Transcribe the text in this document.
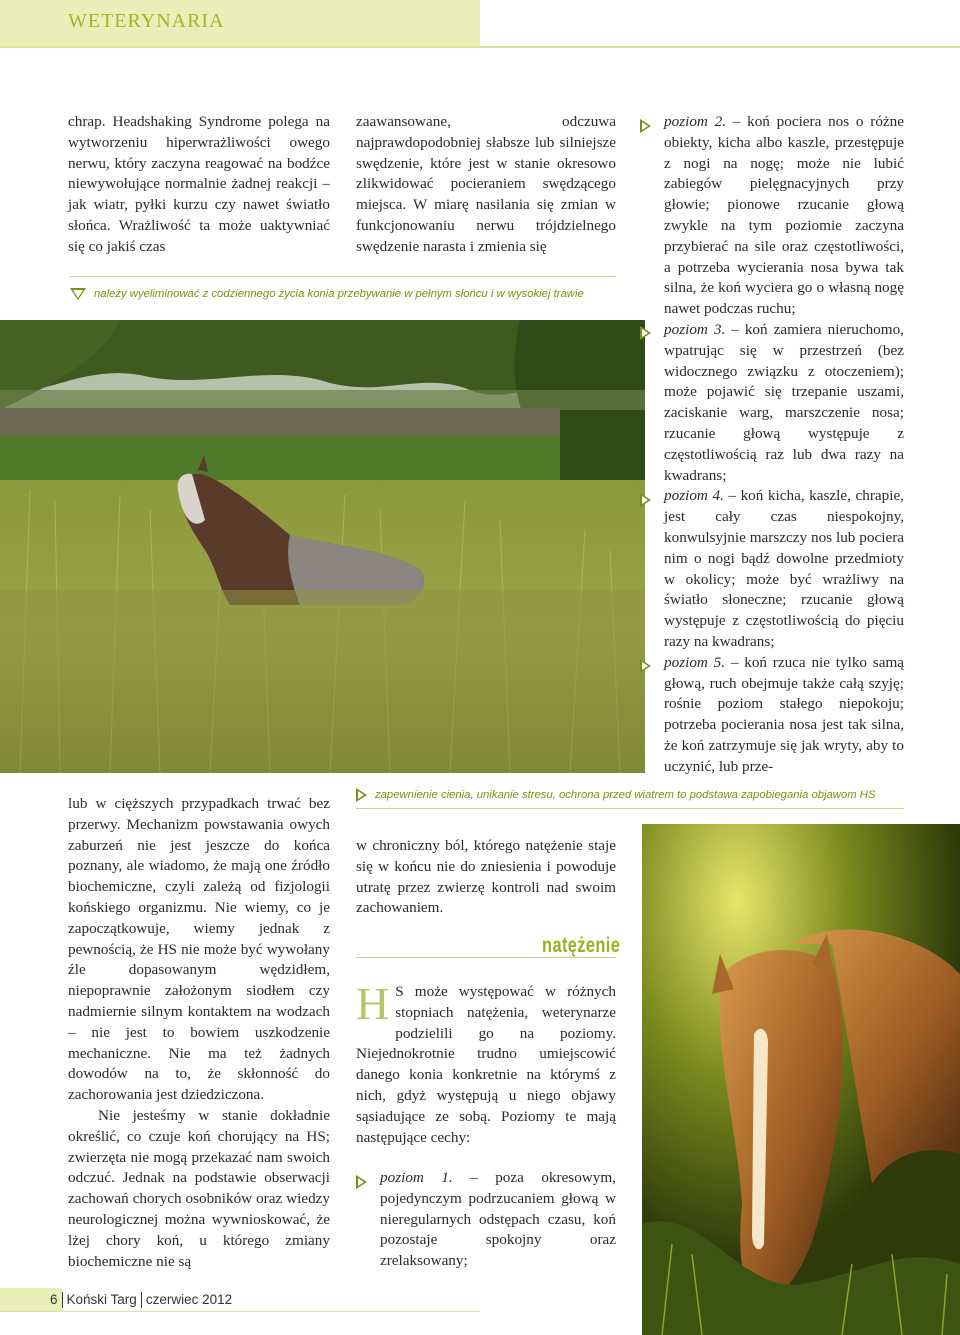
WETERYNARIA
chrap. Headshaking Syndrome polega na wytworzeniu hiperwrażliwości owego nerwu, który zaczyna reagować na bodźce niewywołujące normalnie żadnej reakcji – jak wiatr, pyłki kurzu czy nawet światło słońca. Wrażliwość ta może uaktywniać się co jakiś czas
zaawansowane, odczuwa najprawdopodobniej słabsze lub silniejsze swędzenie, które jest w stanie okresowo zlikwidować pocieraniem swędzącego miejsca. W miarę nasilania się zmian w funkcjonowaniu nerwu trójdzielnego swędzenie narasta i zmienia się
należy wyeliminować z codziennego życia konia przebywanie w pełnym słońcu i w wysokiej trawie
poziom 2. – koń pociera nos o różne obiekty, kicha albo kaszle, przestępuje z nogi na nogę; może nie lubić zabiegów pielęgnacyjnych przy głowie; pionowe rzucanie głową zwykle na tym poziomie zaczyna przybierać na sile oraz częstotliwości, a potrzeba wycierania nosa bywa tak silna, że koń wyciera go o własną nogę nawet podczas ruchu;
poziom 3. – koń zamiera nieruchomo, wpatrując się w przestrzeń (bez widocznego związku z otoczeniem); może pojawić się trzepanie uszami, zaciskanie warg, marszczenie nosa; rzucanie głową występuje z częstotliwością raz lub dwa razy na kwadrans;
poziom 4. – koń kicha, kaszle, chrapie, jest cały czas niespokojny, konwulsyjnie marszczy nos lub pociera nim o nogi bądź dowolne przedmioty w okolicy; może być wrażliwy na światło słoneczne; rzucanie głową występuje z częstotliwością do pięciu razy na kwadrans;
poziom 5. – koń rzuca nie tylko samą głową, ruch obejmuje także całą szyję; rośnie poziom stałego niepokoju; potrzeba pocierania nosa jest tak silna, że koń zatrzymuje się jak wryty, aby to uczynić, lub prze-
zapewnienie cienia, unikanie stresu, ochrona przed wiatrem to podstawa zapobiegania objawom HS

lub w cięższych przypadkach trwać bez przerwy. Mechanizm powstawania owych zaburzeń nie jest jeszcze do końca poznany, ale wiadomo, że mają one źródło biochemiczne, czyli zależą od fizjologii końskiego organizmu. Nie wiemy, co je zapoczątkowuje, wiemy jednak z pewnością, że HS nie może być wywołany źle dopasowanym wędzidłem, niepoprawnie założonym siodłem czy nadmiernie silnym kontaktem na wodzach – nie jest to bowiem uszkodzenie mechaniczne. Nie ma też żadnych dowodów na to, że skłonność do zachorowania jest dziedziczona.

Nie jesteśmy w stanie dokładnie określić, co czuje koń chorujący na HS; zwierzęta nie mogą przekazać nam swoich odczuć. Jednak na podstawie obserwacji zachowań chorych osobników oraz wiedzy neurologicznej można wywnioskować, że lżej chory koń, u którego zmiany biochemiczne nie są

w chroniczny ból, którego natężenie staje się w końcu nie do zniesienia i powoduje utratę przez zwierzę kontroli nad swoim zachowaniem.
natężenie
H S może występować w różnych stopniach natężenia, weterynarze podzielili go na poziomy. Niejednokrotnie trudno umiejscowić danego konia konkretnie na którymś z nich, gdyż występują u niego objawy sąsiadujące ze sobą. Poziomy te mają następujące cechy:
poziom 1. – poza okresowym, pojedynczym podrzucaniem głową w nieregularnych odstępach czasu, koń pozostaje spokojny oraz zrelaksowany;
6 Koński Targ czerwiec 2012
